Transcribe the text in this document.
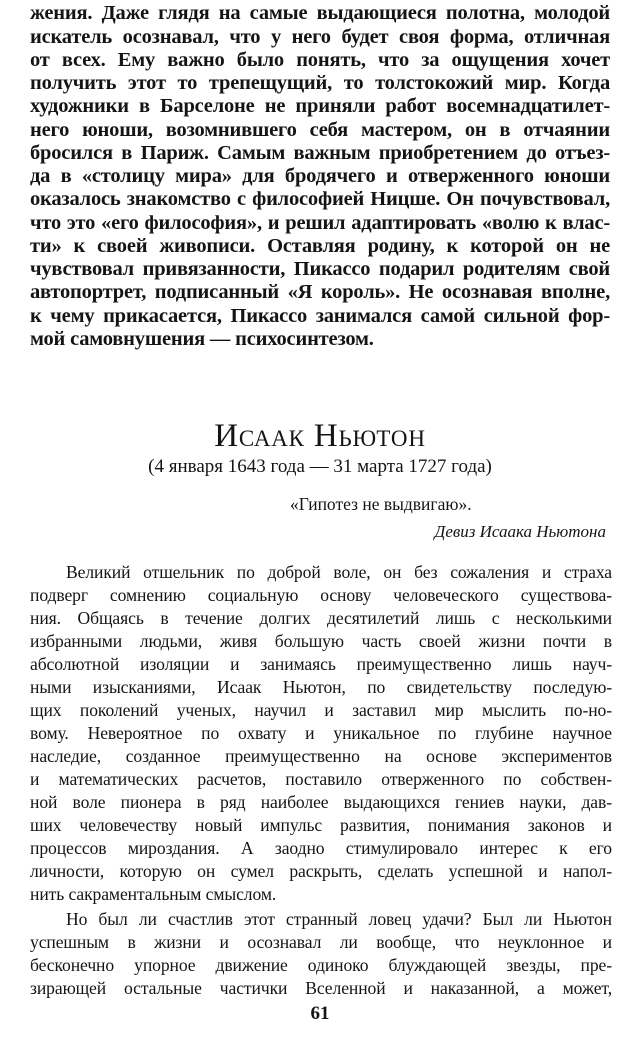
жения. Даже глядя на самые выдающиеся полотна, молодой

искатель осознавал, что у него будет своя форма, отличная

от всех. Ему важно было понять, что за ощущения хочет

получить этот то трепещущий, то толстокожий мир. Когда

художники в Барселоне не приняли работ восемнадцатилет-

него юноши, возомнившего себя мастером, он в отчаянии

бросился в Париж. Самым важным приобретением до отъез-

да в «столицу мира» для бродячего и отверженного юноши

оказалось знакомство с философией Ницше. Он почувствовал,

что это «его философия», и решил адаптировать «волю к влас-

ти» к своей живописи. Оставляя родину, к которой он не

чувствовал привязанности, Пикассо подарил родителям свой

автопортрет, подписанный «Я король». Не осознавая вполне,

к чему прикасается, Пикассо занимался самой сильной фор-

мой самовнушения — психосинтезом.

Исаак Ньютон
(4 января 1643 года — 31 марта 1727 года)
«Гипотез не выдвигаю».
Девиз Исаака Ньютона

Великий отшельник по доброй воле, он без сожаления и страха

подверг сомнению социальную основу человеческого существова-

ния. Общаясь в течение долгих десятилетий лишь с несколькими

избранными людьми, живя большую часть своей жизни почти в

абсолютной изоляции и занимаясь преимущественно лишь науч-

ными изысканиями, Исаак Ньютон, по свидетельству последую-

щих поколений ученых, научил и заставил мир мыслить по-но-

вому. Невероятное по охвату и уникальное по глубине научное

наследие, созданное преимущественно на основе экспериментов

и математических расчетов, поставило отверженного по собствен-

ной воле пионера в ряд наиболее выдающихся гениев науки, дав-

ших человечеству новый импульс развития, понимания законов и

процессов мироздания. А заодно стимулировало интерес к его

личности, которую он сумел раскрыть, сделать успешной и напол-

нить сакраментальным смыслом.

Но был ли счастлив этот странный ловец удачи? Был ли Ньютон

успешным в жизни и осознавал ли вообще, что неуклонное и

бесконечно упорное движение одиноко блуждающей звезды, пре-

зирающей остальные частички Вселенной и наказанной, а может,

61
